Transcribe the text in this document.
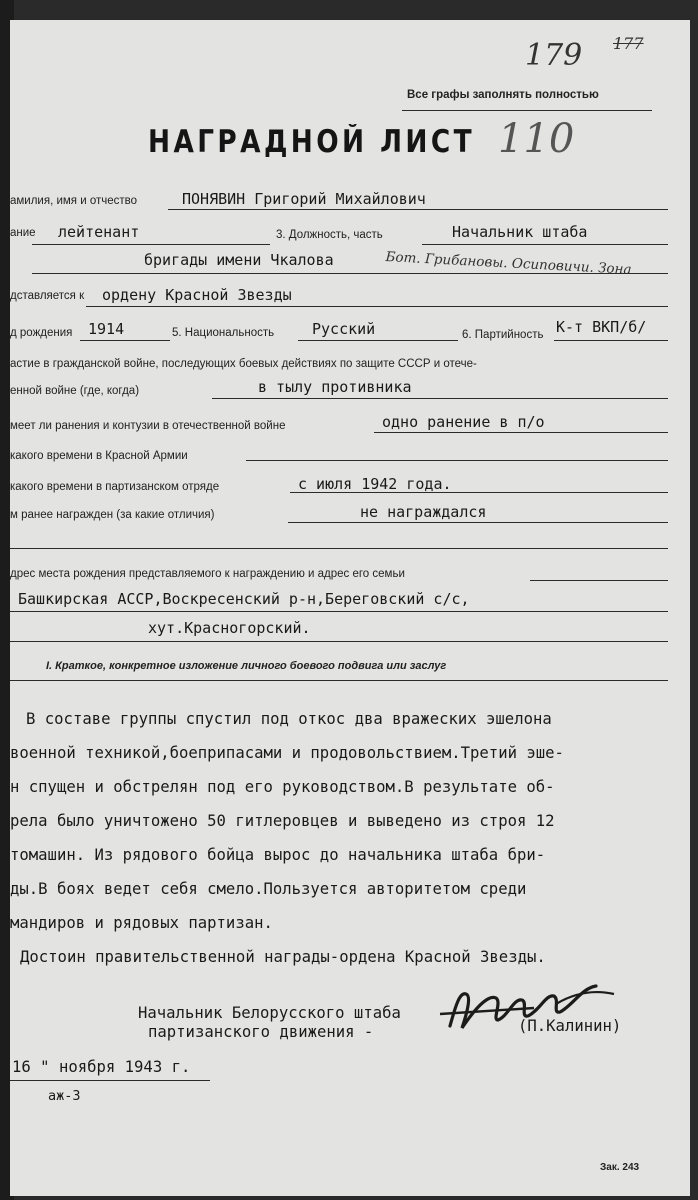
179 177
Все графы заполнять полностью
НАГРАДНОЙ ЛИСТ 110
амилия, имя и отчество	ПОНЯВИН Григорий Михайлович
ание лейтенант	3. Должность, часть	Начальник штаба
бригады имени Чкалова	Бот. Грибановы. Осиповичи. Зона
дставляется к ордену Красной Звезды
д рождения 1914	5. Национальность	Русский	6. Партийность К-т ВКП/б/
астие в гражданской войне, последующих боевых действиях по защите СССР и отече-
енной войне (где, когда)	в тылу противника
меет ли ранения и контузии в отечественной войне	одно ранение в п/о
какого времени в Красной Армии
какого времени в партизанском отряде	с июля 1942 года.
м ранее награжден (за какие отличия)	не награждался
дрес места рождения представляемого к награждению и адрес его семьи
Башкирская АССР,Воскресенский р-н,Береговский с/с,
хут.Красногорский.
I. Краткое, конкретное изложение личного боевого подвига или заслуг
В составе группы спустил под откос два вражеских эшелона
военной техникой,боеприпасами и продовольствием.Третий эше-
н спущен и обстрелян под его руководством.В результате об-
рела было уничтожено 50 гитлеровцев и выведено из строя 12
томашин. Из рядового бойца вырос до начальника штаба бри-
ды.В боях ведет себя смело.Пользуется авторитетом среди
мандиров и рядовых партизан.
Достоин правительственной награды-ордена Красной Звезды.
Начальник Белорусского штаба
партизанского движения -	(П.Калинин)
16 " ноября 1943 г.
аж-3
Зак. 243
